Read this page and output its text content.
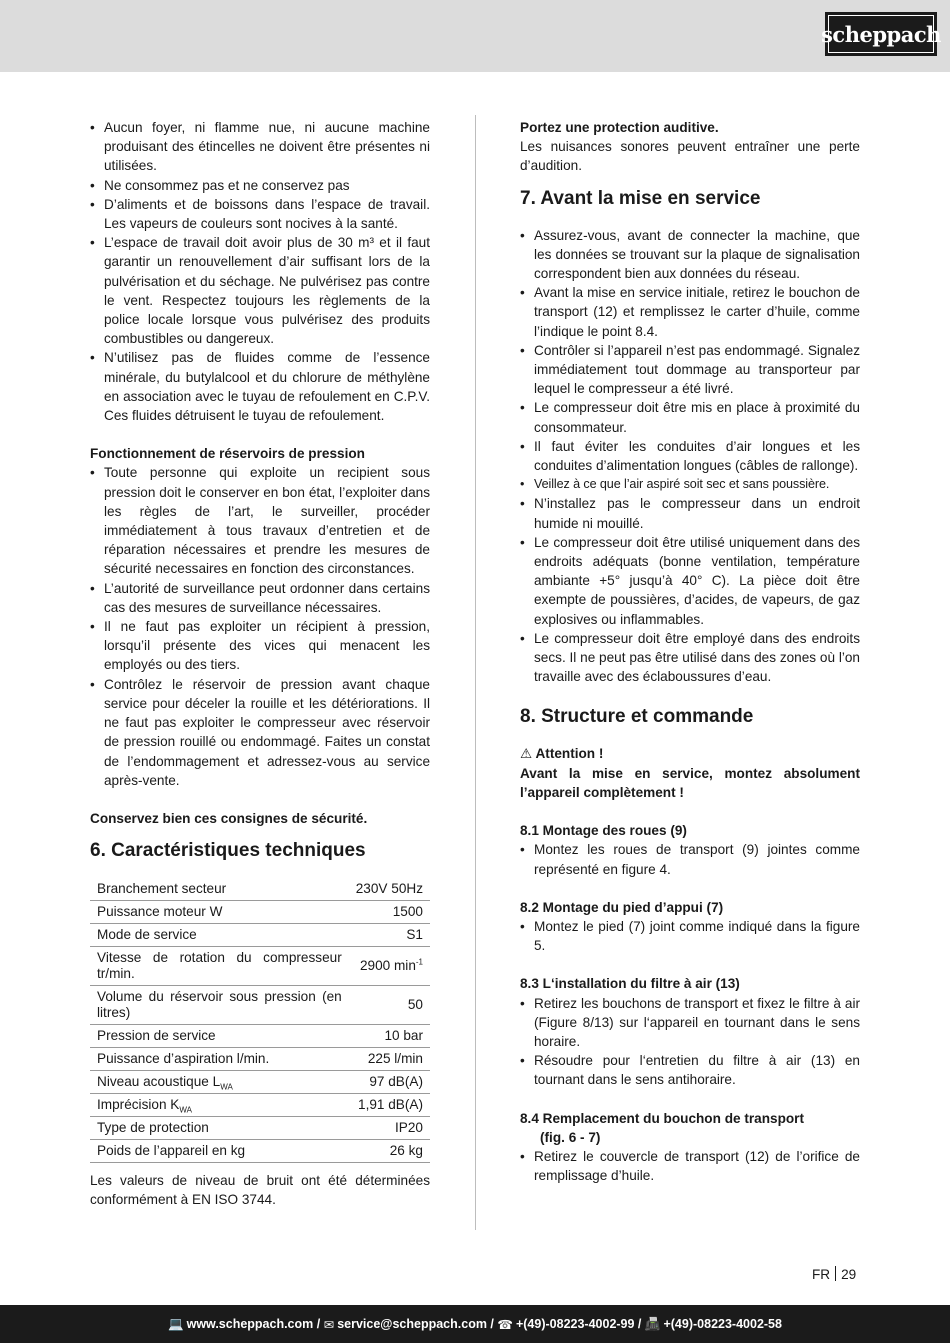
scheppach
• Aucun foyer, ni flamme nue, ni aucune machine produisant des étincelles ne doivent être présentes ni utilisées.
• Ne consommez pas et ne conservez pas
• D’aliments et de boissons dans l’espace de travail. Les vapeurs de couleurs sont nocives à la santé.
• L’espace de travail doit avoir plus de 30 m³ et il faut garantir un renouvellement d’air suffisant lors de la pulvérisation et du séchage. Ne pulvérisez pas contre le vent. Respectez toujours les règlements de la police locale lorsque vous pulvérisez des produits combustibles ou dangereux.
• N’utilisez pas de fluides comme de l’essence minérale, du butylalcool et du chlorure de méthylène en association avec le tuyau de refoulement en C.P.V. Ces fluides détruisent le tuyau de refoulement.

Fonctionnement de réservoirs de pression

• Toute personne qui exploite un recipient sous pression doit le conserver en bon état, l’exploiter dans les règles de l’art, le surveiller, procéder immédiatement à tous travaux d’entretien et de réparation nécessaires et prendre les mesures de sécurité necessaires en fonction des circonstances.
• L’autorité de surveillance peut ordonner dans certains cas des mesures de surveillance nécessaires.
• Il ne faut pas exploiter un récipient à pression, lorsqu’il présente des vices qui menacent les employés ou des tiers.
• Contrôlez le réservoir de pression avant chaque service pour déceler la rouille et les détériorations. Il ne faut pas exploiter le compresseur avec réservoir de pression rouillé ou endommagé. Faites un constat de l’endommagement et adressez-vous au service après-vente.

Conservez bien ces consignes de sécurité.

6. Caractéristiques techniques
Branchement secteur	230V 50Hz
Puissance moteur W	1500
Mode de service	S1
Vitesse de rotation du compresseur tr/min.	2900 $\min^{-1}$
Volume du réservoir sous pression (en litres)	50
Pression de service	10 bar
Puissance d’aspiration l/min.	225 l/min
Niveau acoustique $L_{WA}$	97 dB(A)
Imprécision $K_{WA}$	1,91 dB(A)
Type de protection	IP20
Poids de l’appareil en kg	26 kg

Les valeurs de niveau de bruit ont été déterminées conformément à EN ISO 3744.

Portez une protection auditive.

Les nuisances sonores peuvent entraîner une perte d’audition.

7. Avant la mise en service
• Assurez-vous, avant de connecter la machine, que les données se trouvant sur la plaque de signalisation correspondent bien aux données du réseau.
• Avant la mise en service initiale, retirez le bouchon de transport (12) et remplissez le carter d’huile, comme l’indique le point 8.4.
• Contrôler si l’appareil n’est pas endommagé. Signalez immédiatement tout dommage au transporteur par lequel le compresseur a été livré.
• Le compresseur doit être mis en place à proximité du consommateur.
• Il faut éviter les conduites d’air longues et les conduites d’alimentation longues (câbles de rallonge).
• Veillez à ce que l’air aspiré soit sec et sans poussière.
• N’installez pas le compresseur dans un endroit humide ni mouillé.
• Le compresseur doit être utilisé uniquement dans des endroits adéquats (bonne ventilation, température ambiante +5° jusqu’à 40° C). La pièce doit être exempte de poussières, d’acides, de vapeurs, de gaz explosives ou inflammables.
• Le compresseur doit être employé dans des endroits secs. Il ne peut pas être utilisé dans des zones où l’on travaille avec des éclaboussures d’eau.
8. Structure et commande

⚠ Attention !

Avant la mise en service, montez absolument l’appareil complètement !

8.1 Montage des roues (9)

• Montez les roues de transport (9) jointes comme représenté en figure 4.

8.2 Montage du pied d’appui (7)

• Montez le pied (7) joint comme indiqué dans la figure 5.

8.3 L‘installation du filtre à air (13)

• Retirez les bouchons de transport et fixez le filtre à air (Figure 8/13) sur l‘appareil en tournant dans le sens horaire.
• Résoudre pour l‘entretien du filtre à air (13) en tournant dans le sens antihoraire.

8.4 Remplacement du bouchon de transport

(fig. 6 - 7)

• Retirez le couvercle de transport (12) de l’orifice de remplissage d’huile.
FR 29
💻 www.scheppach.com /
✉ service@scheppach.com /
☎ +(49)-08223-4002-99 /
📠 +(49)-08223-4002-58
